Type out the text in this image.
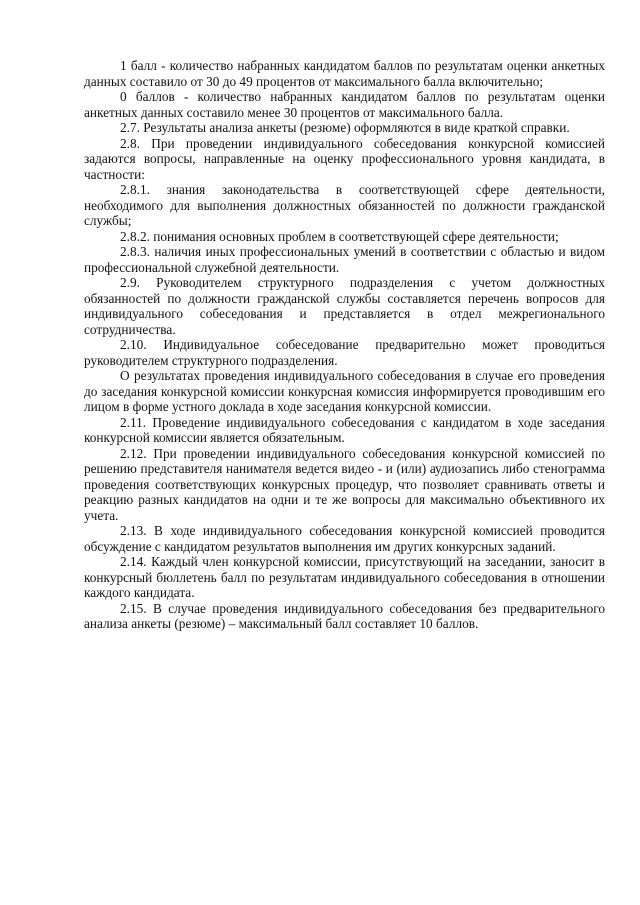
1 балл - количество набранных кандидатом баллов по результатам оценки анкетных данных составило от 30 до 49 процентов от максимального балла включительно;

0 баллов - количество набранных кандидатом баллов по результатам оценки анкетных данных составило менее 30 процентов от максимального балла.

2.7. Результаты анализа анкеты (резюме) оформляются в виде краткой справки.

2.8. При проведении индивидуального собеседования конкурсной комиссией задаются вопросы, направленные на оценку профессионального уровня кандидата, в частности:

2.8.1. знания законодательства в соответствующей сфере деятельности, необходимого для выполнения должностных обязанностей по должности гражданской службы;

2.8.2. понимания основных проблем в соответствующей сфере деятельности;

2.8.3. наличия иных профессиональных умений в соответствии с областью и видом профессиональной служебной деятельности.

2.9. Руководителем структурного подразделения с учетом должностных обязанностей по должности гражданской службы составляется перечень вопросов для индивидуального собеседования и представляется в отдел межрегионального сотрудничества.

2.10. Индивидуальное собеседование предварительно может проводиться руководителем структурного подразделения.

О результатах проведения индивидуального собеседования в случае его проведения до заседания конкурсной комиссии конкурсная комиссия информируется проводившим его лицом в форме устного доклада в ходе заседания конкурсной комиссии.

2.11. Проведение индивидуального собеседования с кандидатом в ходе заседания конкурсной комиссии является обязательным.

2.12. При проведении индивидуального собеседования конкурсной комиссией по решению представителя нанимателя ведется видео - и (или) аудиозапись либо стенограмма проведения соответствующих конкурсных процедур, что позволяет сравнивать ответы и реакцию разных кандидатов на одни и те же вопросы для максимально объективного их учета.

2.13. В ходе индивидуального собеседования конкурсной комиссией проводится обсуждение с кандидатом результатов выполнения им других конкурсных заданий.

2.14. Каждый член конкурсной комиссии, присутствующий на заседании, заносит в конкурсный бюллетень балл по результатам индивидуального собеседования в отношении каждого кандидата.

2.15. В случае проведения индивидуального собеседования без предварительного анализа анкеты (резюме) – максимальный балл составляет 10 баллов.
